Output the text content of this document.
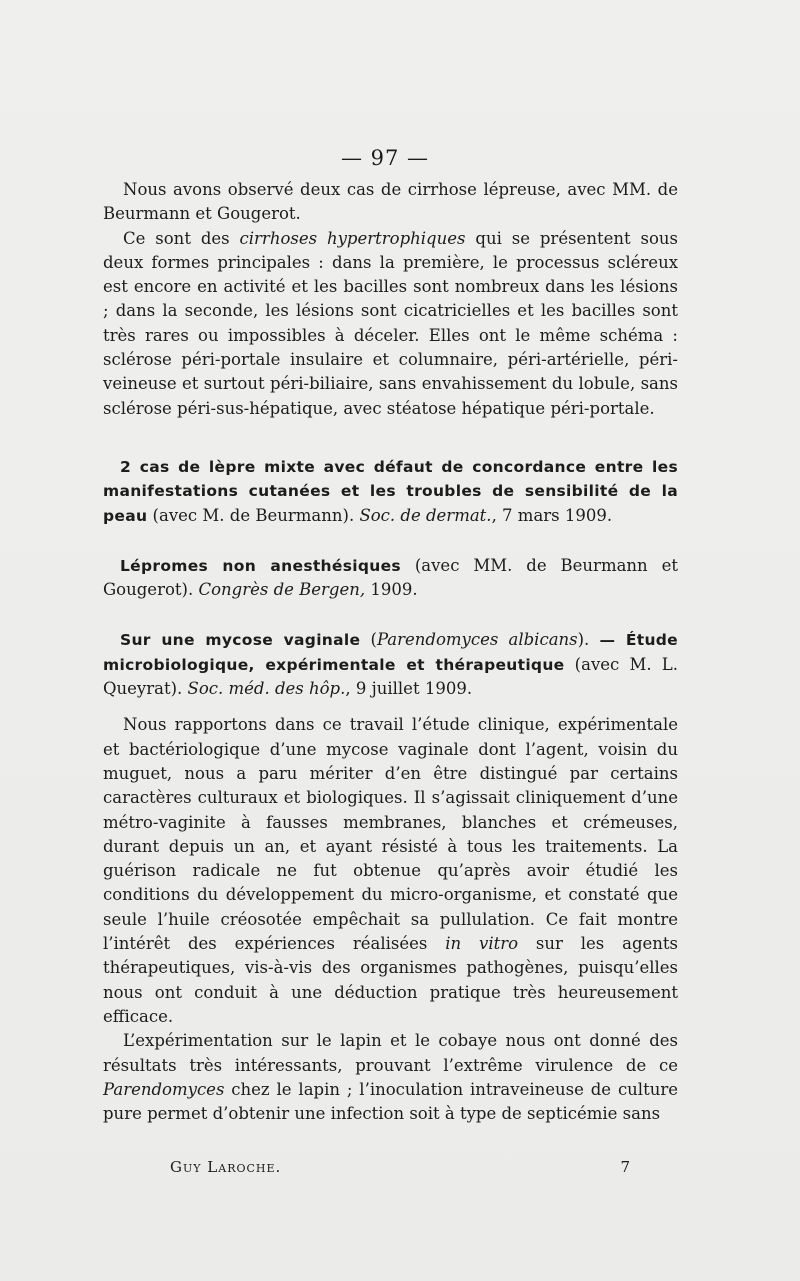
— 97 —

Nous avons observé deux cas de cirrhose lépreuse, avec MM. de Beurmann et Gougerot.

Ce sont des cirrhoses hypertrophiques qui se présentent sous deux formes principales : dans la première, le processus scléreux est encore en activité et les bacilles sont nombreux dans les lésions ; dans la seconde, les lésions sont cicatricielles et les bacilles sont très rares ou impossibles à déceler. Elles ont le même schéma : sclérose péri-portale insulaire et columnaire, péri-artérielle, péri-veineuse et surtout péri-biliaire, sans envahissement du lobule, sans sclérose péri-sus-hépatique, avec stéatose hépatique péri-portale.

2 cas de lèpre mixte avec défaut de concordance entre les manifestations cutanées et les troubles de sensibilité de la peau (avec M. de Beurmann). Soc. de dermat., 7 mars 1909.

Lépromes non anesthésiques (avec MM. de Beurmann et Gougerot). Congrès de Bergen, 1909.

Sur une mycose vaginale (Parendomyces albicans). — Étude microbiologique, expérimentale et thérapeutique (avec M. L. Queyrat). Soc. méd. des hôp., 9 juillet 1909.

Nous rapportons dans ce travail l’étude clinique, expérimentale et bactériologique d’une mycose vaginale dont l’agent, voisin du muguet, nous a paru mériter d’en être distingué par certains caractères culturaux et biologiques. Il s’agissait cliniquement d’une métro-vaginite à fausses membranes, blanches et crémeuses, durant depuis un an, et ayant résisté à tous les traitements. La guérison radicale ne fut obtenue qu’après avoir étudié les conditions du développement du micro-organisme, et constaté que seule l’huile créosotée empêchait sa pullulation. Ce fait montre l’intérêt des expériences réalisées in vitro sur les agents thérapeutiques, vis-à-vis des organismes pathogènes, puisqu’elles nous ont conduit à une déduction pratique très heureusement efficace.

L’expérimentation sur le lapin et le cobaye nous ont donné des résultats très intéressants, prouvant l’extrême virulence de ce Parendomyces chez le lapin ; l’inoculation intraveineuse de culture pure permet d’obtenir une infection soit à type de septicémie sans

Guy Laroche.	7
